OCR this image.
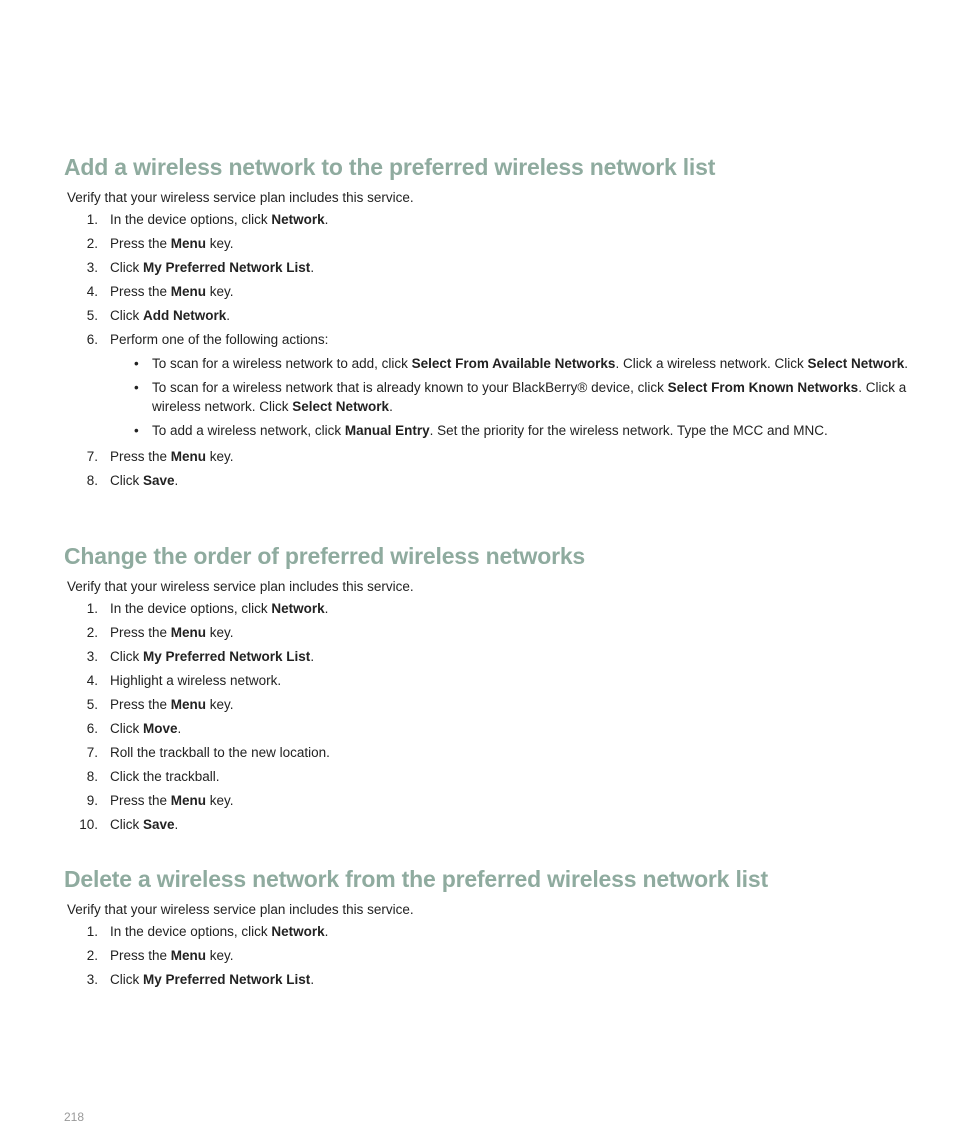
Add a wireless network to the preferred wireless network list

Verify that your wireless service plan includes this service.

1. In the device options, click Network.
2. Press the Menu key.
3. Click My Preferred Network List.
4. Press the Menu key.
5. Click Add Network.
6. Perform one of the following actions:
• To scan for a wireless network to add, click Select From Available Networks. Click a wireless network. Click Select Network.
• To scan for a wireless network that is already known to your BlackBerry® device, click Select From Known Networks. Click a wireless network. Click Select Network.
• To add a wireless network, click Manual Entry. Set the priority for the wireless network. Type the MCC and MNC.
7. Press the Menu key.
8. Click Save.
Change the order of preferred wireless networks

Verify that your wireless service plan includes this service.

1. In the device options, click Network.
2. Press the Menu key.
3. Click My Preferred Network List.
4. Highlight a wireless network.
5. Press the Menu key.
6. Click Move.
7. Roll the trackball to the new location.
8. Click the trackball.
9. Press the Menu key.
10. Click Save.
Delete a wireless network from the preferred wireless network list

Verify that your wireless service plan includes this service.

1. In the device options, click Network.
2. Press the Menu key.
3. Click My Preferred Network List.
218
